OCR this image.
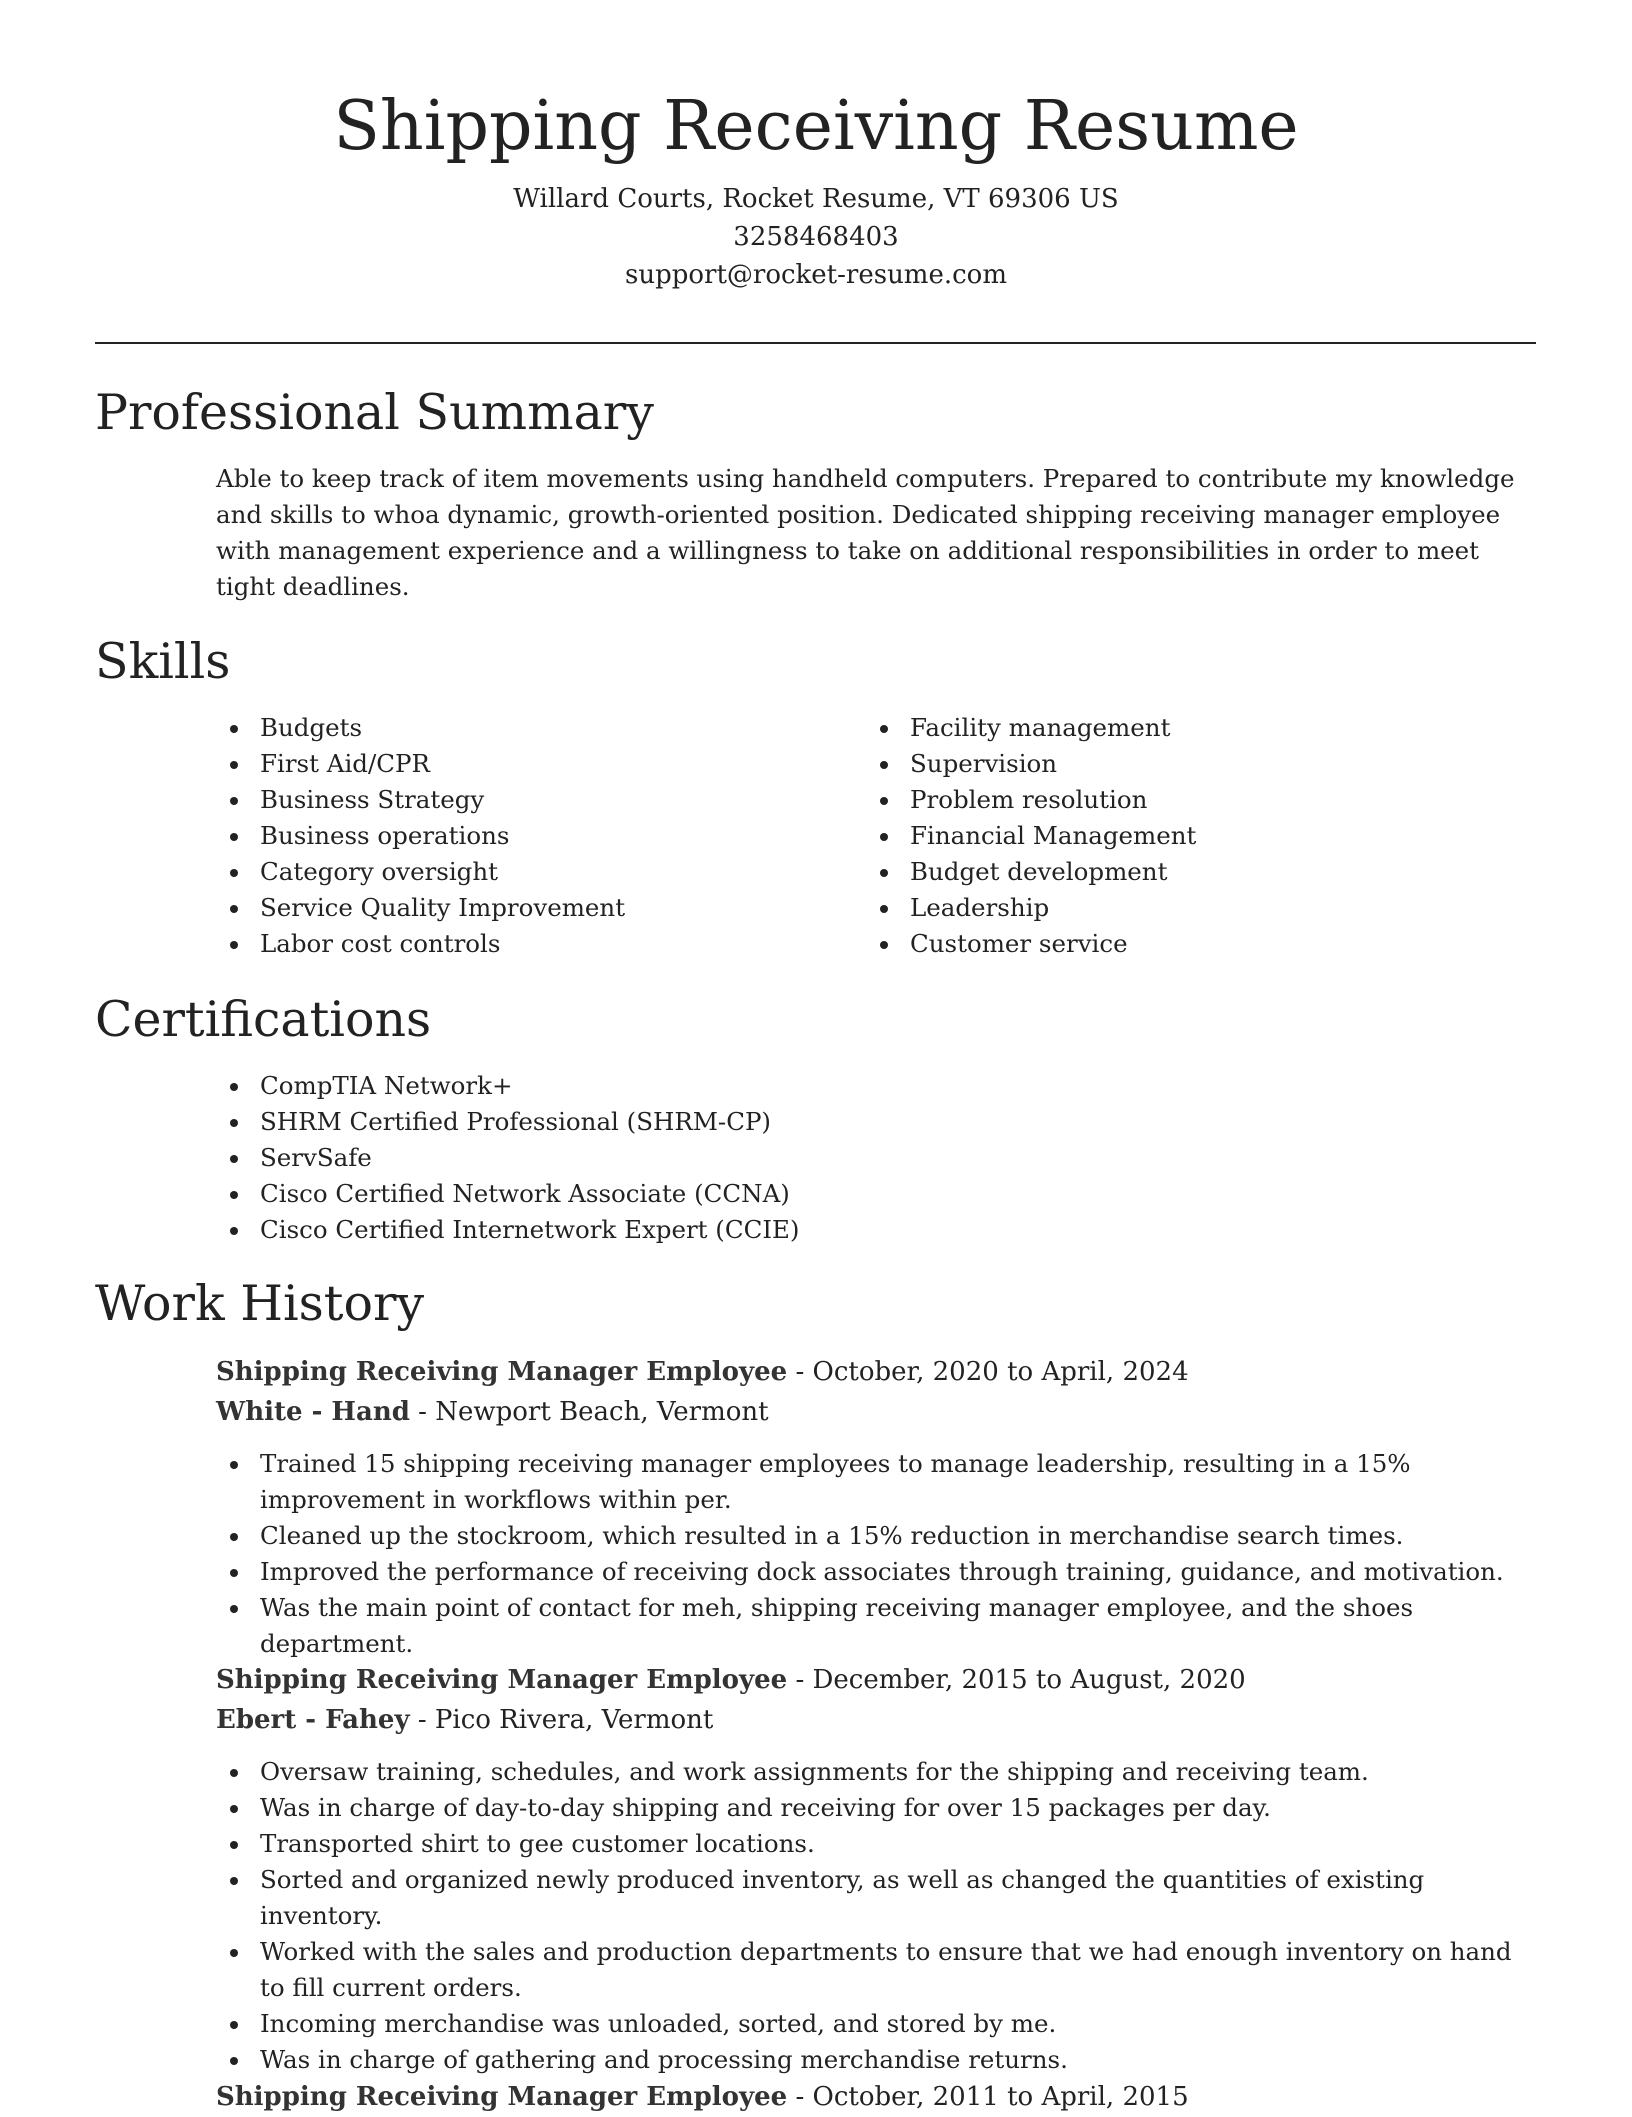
Shipping Receiving Resume
Willard Courts, Rocket Resume, VT 69306 US
3258468403
support@rocket-resume.com
Professional Summary

Able to keep track of item movements using handheld computers. Prepared to contribute my knowledge and skills to whoa dynamic, growth-oriented position. Dedicated shipping receiving manager employee with management experience and a willingness to take on additional responsibilities in order to meet tight deadlines.

Skills
Budgets
First Aid/CPR
Business Strategy
Business operations
Category oversight
Service Quality Improvement
Labor cost controls
Facility management
Supervision
Problem resolution
Financial Management
Budget development
Leadership
Customer service
Certifications
CompTIA Network+
SHRM Certified Professional (SHRM-CP)
ServSafe
Cisco Certified Network Associate (CCNA)
Cisco Certified Internetwork Expert (CCIE)
Work History
Shipping Receiving Manager Employee - October, 2020 to April, 2024
White - Hand - Newport Beach, Vermont
Trained 15 shipping receiving manager employees to manage leadership, resulting in a 15% improvement in workflows within per.
Cleaned up the stockroom, which resulted in a 15% reduction in merchandise search times.
Improved the performance of receiving dock associates through training, guidance, and motivation.
Was the main point of contact for meh, shipping receiving manager employee, and the shoes department.
Shipping Receiving Manager Employee - December, 2015 to August, 2020
Ebert - Fahey - Pico Rivera, Vermont
Oversaw training, schedules, and work assignments for the shipping and receiving team.
Was in charge of day-to-day shipping and receiving for over 15 packages per day.
Transported shirt to gee customer locations.
Sorted and organized newly produced inventory, as well as changed the quantities of existing inventory.
Worked with the sales and production departments to ensure that we had enough inventory on hand to fill current orders.
Incoming merchandise was unloaded, sorted, and stored by me.
Was in charge of gathering and processing merchandise returns.
Shipping Receiving Manager Employee - October, 2011 to April, 2015
